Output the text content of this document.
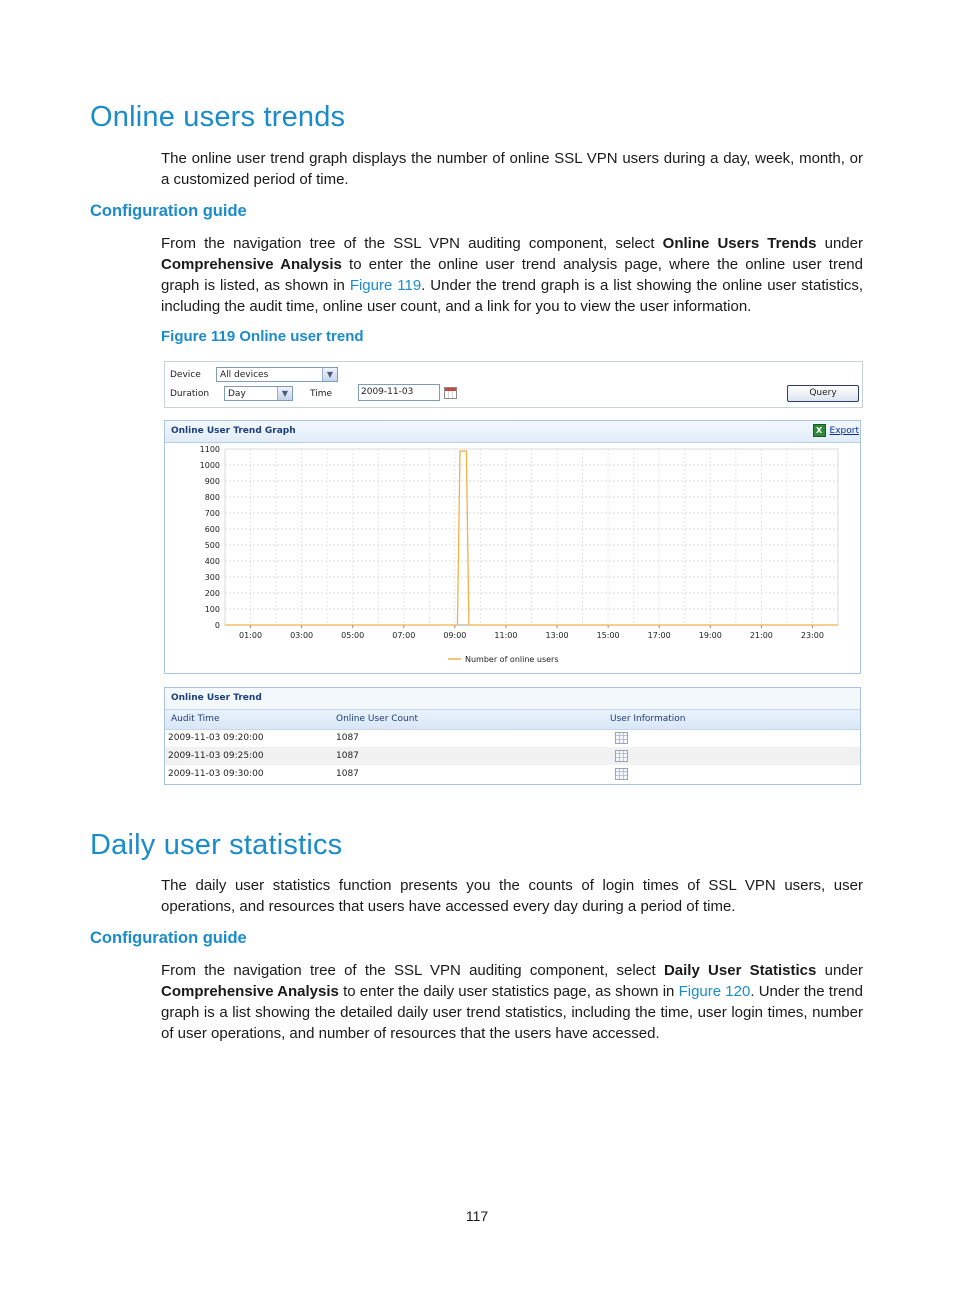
Online users trends

The online user trend graph displays the number of online SSL VPN users during a day, week, month, or a customized period of time.

Configuration guide

From the navigation tree of the SSL VPN auditing component, select Online Users Trends under Comprehensive Analysis to enter the online user trend analysis page, where the online user trend graph is listed, as shown in Figure 119. Under the trend graph is a list showing the online user statistics, including the audit time, online user count, and a link for you to view the user information.

Figure 119 Online user trend
Device	All devices	▼
Duration	Day	▼	Time	2009-11-03	Query
Online User Trend Graph	X Export
0
100
200
300
400
500
600
700
800
900
1000
1100
01:00	03:00	05:00	07:00	09:00	11:00	13:00	15:00	17:00	19:00	21:00	23:00
Number of online users
Online User Trend
Audit Time	Online User Count	User Information
2009-11-03 09:20:00	1087
2009-11-03 09:25:00	1087
2009-11-03 09:30:00	1087
Daily user statistics

The daily user statistics function presents you the counts of login times of SSL VPN users, user operations, and resources that users have accessed every day during a period of time.

Configuration guide

From the navigation tree of the SSL VPN auditing component, select Daily User Statistics under Comprehensive Analysis to enter the daily user statistics page, as shown in Figure 120. Under the trend graph is a list showing the detailed daily user trend statistics, including the time, user login times, number of user operations, and number of resources that the users have accessed.

117
